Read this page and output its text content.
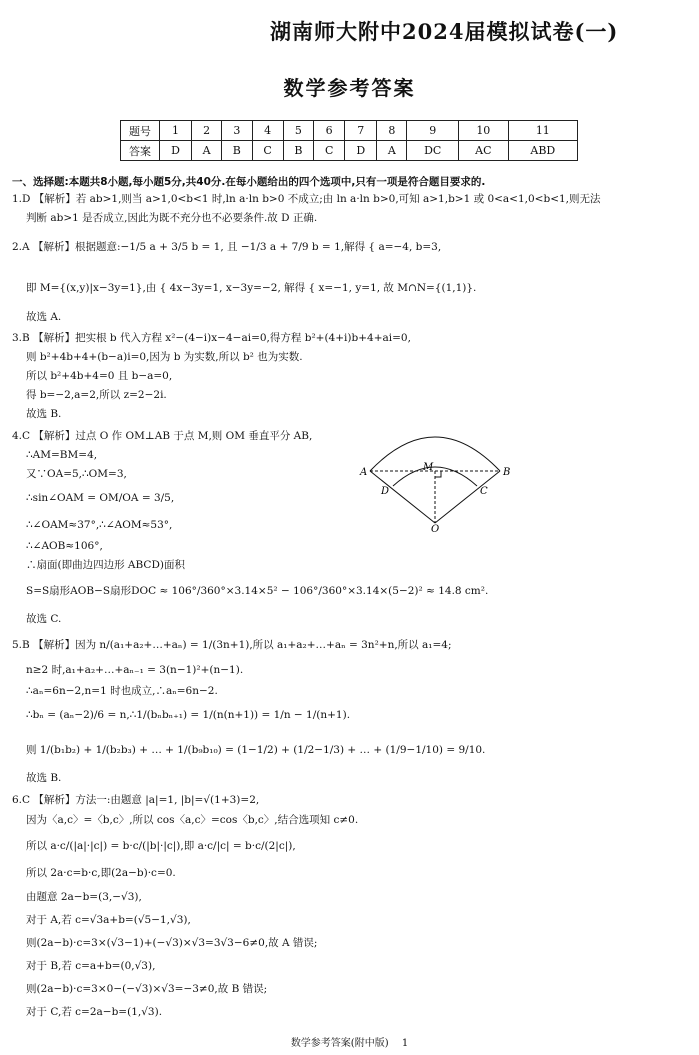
湖南师大附中2024届模拟试卷(一)
数学参考答案
题号	1	2	3	4	5	6	7	8	9	10	11
答案	D	A	B	C	B	C	D	A	DC	AC	ABD
一、选择题:本题共8小题,每小题5分,共40分.在每小题给出的四个选项中,只有一项是符合题目要求的.
1.D 【解析】若 ab>1,则当 a>1,0<b<1 时,ln a·ln b>0 不成立;由 ln a·ln b>0,可知 a>1,b>1 或 0<a<1,0<b<1,则无法
判断 ab>1 是否成立,因此为既不充分也不必要条件.故 D 正确.
2.A 【解析】根据题意:−1/5 a + 3/5 b = 1, 且 −1/3 a + 7/9 b = 1,解得 { a=−4, b=3,
即 M={(x,y)|x−3y=1},由 { 4x−3y=1, x−3y=−2, 解得 { x=−1, y=1, 故 M∩N={(1,1)}.
故选 A.
3.B 【解析】把实根 b 代入方程 x²−(4−i)x−4−ai=0,得方程 b²+(4+i)b+4+ai=0,
则 b²+4b+4+(b−a)i=0,因为 b 为实数,所以 b² 也为实数.
所以 b²+4b+4=0 且 b−a=0,
得 b=−2,a=2,所以 z=2−2i.
故选 B.
4.C 【解析】过点 O 作 OM⊥AB 于点 M,则 OM 垂直平分 AB,
∴AM=BM=4,
又∵OA=5,∴OM=3,
∴sin∠OAM = OM/OA = 3/5,
∴∠OAM≈37°,∴∠AOM≈53°,
∴∠AOB≈106°,
∴扇面(即曲边四边形 ABCD)面积
S=S扇形AOB−S扇形DOC ≈ 106°/360°×3.14×5² − 106°/360°×3.14×(5−2)² ≈ 14.8 cm².
故选 C.
5.B 【解析】因为 n/(a₁+a₂+…+aₙ) = 1/(3n+1),所以 a₁+a₂+…+aₙ = 3n²+n,所以 a₁=4;
n≥2 时,a₁+a₂+…+aₙ₋₁ = 3(n−1)²+(n−1).
∴aₙ=6n−2,n=1 时也成立,∴aₙ=6n−2.
∴bₙ = (aₙ−2)/6 = n,∴1/(bₙbₙ₊₁) = 1/(n(n+1)) = 1/n − 1/(n+1).
则 1/(b₁b₂) + 1/(b₂b₃) + … + 1/(b₉b₁₀) = (1−1/2) + (1/2−1/3) + … + (1/9−1/10) = 9/10.
故选 B.
6.C 【解析】方法一:由题意 |a|=1, |b|=√(1+3)=2,
因为〈a,c〉=〈b,c〉,所以 cos〈a,c〉=cos〈b,c〉,结合选项知 c≠0.
所以 a·c/(|a|·|c|) = b·c/(|b|·|c|),即 a·c/|c| = b·c/(2|c|),
所以 2a·c=b·c,即(2a−b)·c=0.
由题意 2a−b=(3,−√3),
对于 A,若 c=√3a+b=(√5−1,√3),
则(2a−b)·c=3×(√3−1)+(−√3)×√3=3√3−6≠0,故 A 错误;
对于 B,若 c=a+b=(0,√3),
则(2a−b)·c=3×0−(−√3)×√3=−3≠0,故 B 错误;
对于 C,若 c=2a−b=(1,√3).
A	B
M
D	C
O
数学参考答案(附中版) 1
